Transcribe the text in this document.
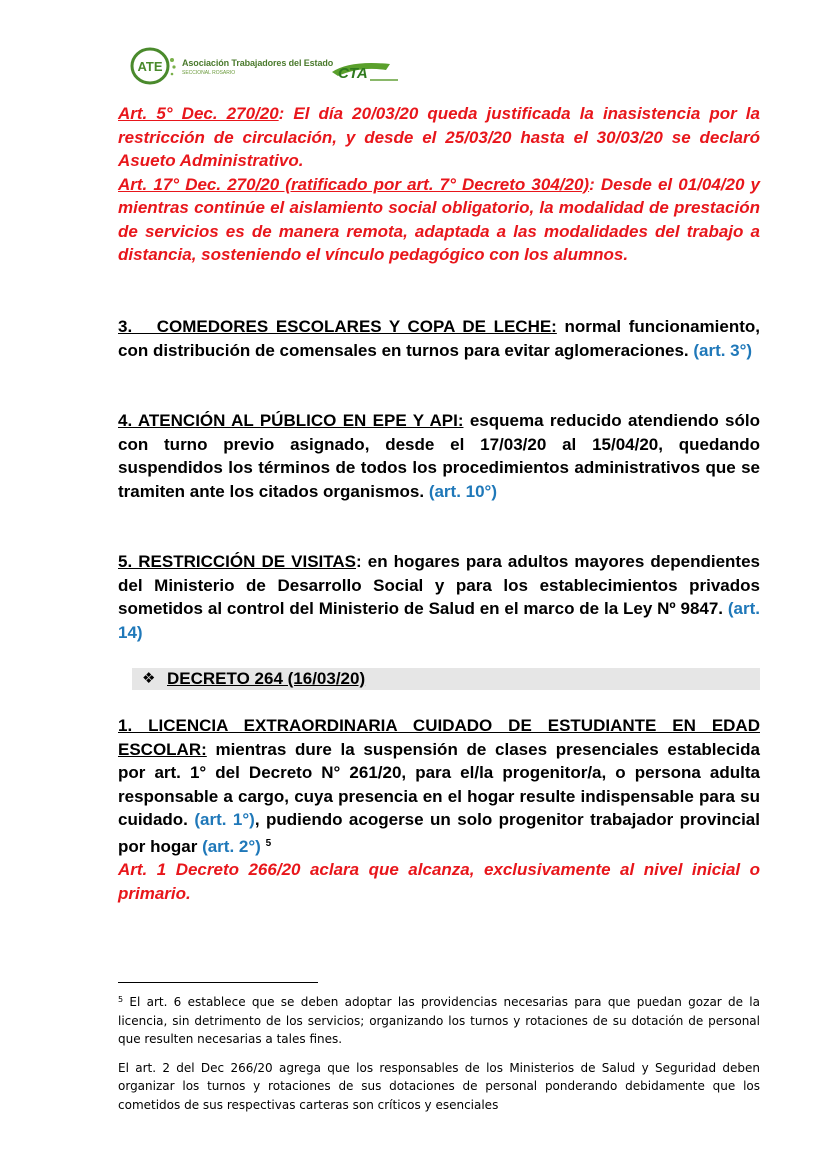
ATE Asociación Trabajadores del Estado
SECCIONAL ROSARIO	CTA

Art. 5° Dec. 270/20: El día 20/03/20 queda justificada la inasistencia por la restricción de circulación, y desde el 25/03/20 hasta el 30/03/20 se declaró Asueto Administrativo.

Art. 17° Dec. 270/20 (ratificado por art. 7° Decreto 304/20): Desde el 01/04/20 y mientras continúe el aislamiento social obligatorio, la modalidad de prestación de servicios es de manera remota, adaptada a las modalidades del trabajo a distancia, sosteniendo el vínculo pedagógico con los alumnos.

3.  COMEDORES ESCOLARES Y COPA DE LECHE: normal funcionamiento, con distribución de comensales en turnos para evitar aglomeraciones. (art. 3°)

4. ATENCIÓN AL PÚBLICO EN EPE Y API: esquema reducido atendiendo sólo con turno previo asignado, desde el 17/03/20 al 15/04/20, quedando suspendidos los términos de todos los procedimientos administrativos que se tramiten ante los citados organismos. (art. 10°)

5. RESTRICCIÓN DE VISITAS: en hogares para adultos mayores dependientes del Ministerio de Desarrollo Social y para los establecimientos privados sometidos al control del Ministerio de Salud en el marco de la Ley Nº 9847. (art. 14)

❖ DECRETO 264 (16/03/20)

1. LICENCIA EXTRAORDINARIA CUIDADO DE ESTUDIANTE EN EDAD ESCOLAR: mientras dure la suspensión de clases presenciales establecida por art. 1° del Decreto N° 261/20, para el/la progenitor/a, o persona adulta responsable a cargo, cuya presencia en el hogar resulte indispensable para su cuidado. (art. 1°), pudiendo acogerse un solo progenitor trabajador provincial por hogar (art. 2°) $^5$

Art. 1 Decreto 266/20 aclara que alcanza, exclusivamente al nivel inicial o primario.

$^5$ El art. 6 establece que se deben adoptar las providencias necesarias para que puedan gozar de la licencia, sin detrimento de los servicios; organizando los turnos y rotaciones de su dotación de personal que resulten necesarias a tales fines.

El art. 2 del Dec 266/20 agrega que los responsables de los Ministerios de Salud y Seguridad deben organizar los turnos y rotaciones de sus dotaciones de personal ponderando debidamente que los cometidos de sus respectivas carteras son críticos y esenciales
